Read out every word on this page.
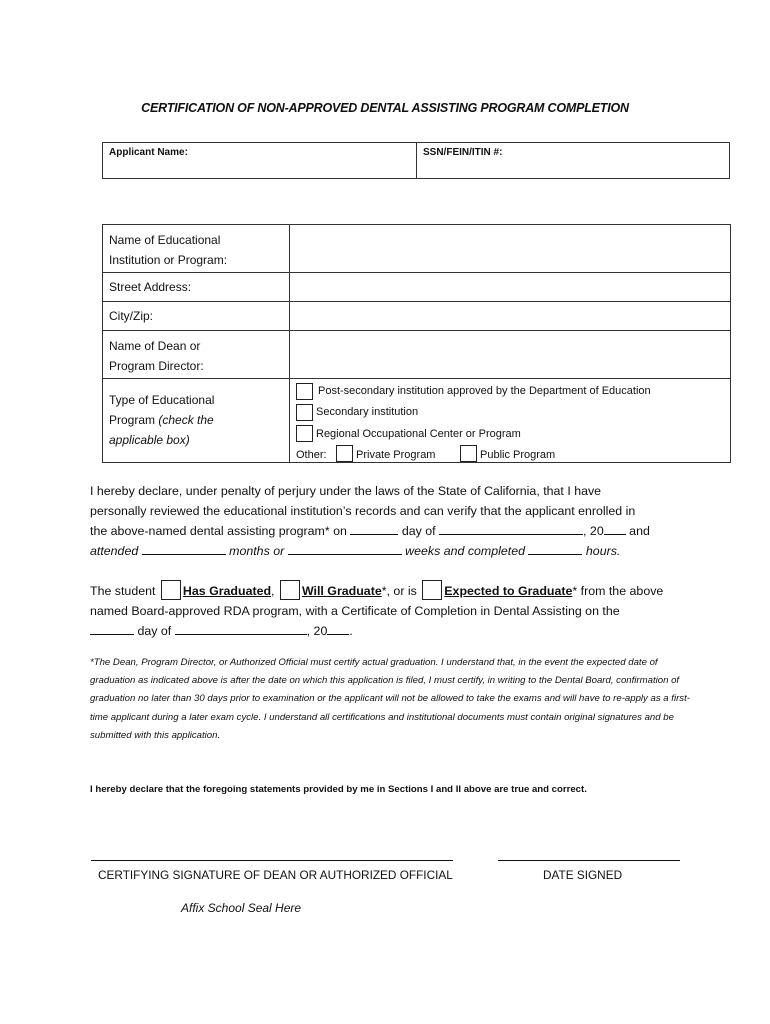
CERTIFICATION OF NON-APPROVED DENTAL ASSISTING PROGRAM COMPLETION
Applicant Name:	SSN/FEIN/ITIN #:
Name of Educational
Institution or Program:
Street Address:
City/Zip:
Name of Dean or
Program Director:
Type of Educational
Program (check the
applicable box)
Post-secondary institution approved by the Department of Education
Secondary institution
Regional Occupational Center or Program
Other:	Private Program	Public Program
I hereby declare, under penalty of perjury under the laws of the State of California, that I have
personally reviewed the educational institution’s records and can verify that the applicant enrolled in
the above-named dental assisting program* on	day of	, 20 and
attended	months or	weeks and completed	hours.
The student Has Graduated, Will Graduate*, or is Expected to Graduate* from the above
named Board-approved RDA program, with a Certificate of Completion in Dental Assisting on the
day of	, 20 .
*The Dean, Program Director, or Authorized Official must certify actual graduation. I understand that, in the event the expected date of graduation as indicated above is after the date on which this application is filed, I must certify, in writing to the Dental Board, confirmation of graduation no later than 30 days prior to examination or the applicant will not be allowed to take the exams and will have to re-apply as a first-time applicant during a later exam cycle. I understand all certifications and institutional documents must contain original signatures and be submitted with this application.
I hereby declare that the foregoing statements provided by me in Sections I and II above are true and correct.
CERTIFYING SIGNATURE OF DEAN OR AUTHORIZED OFFICIAL	DATE SIGNED
Affix School Seal Here
